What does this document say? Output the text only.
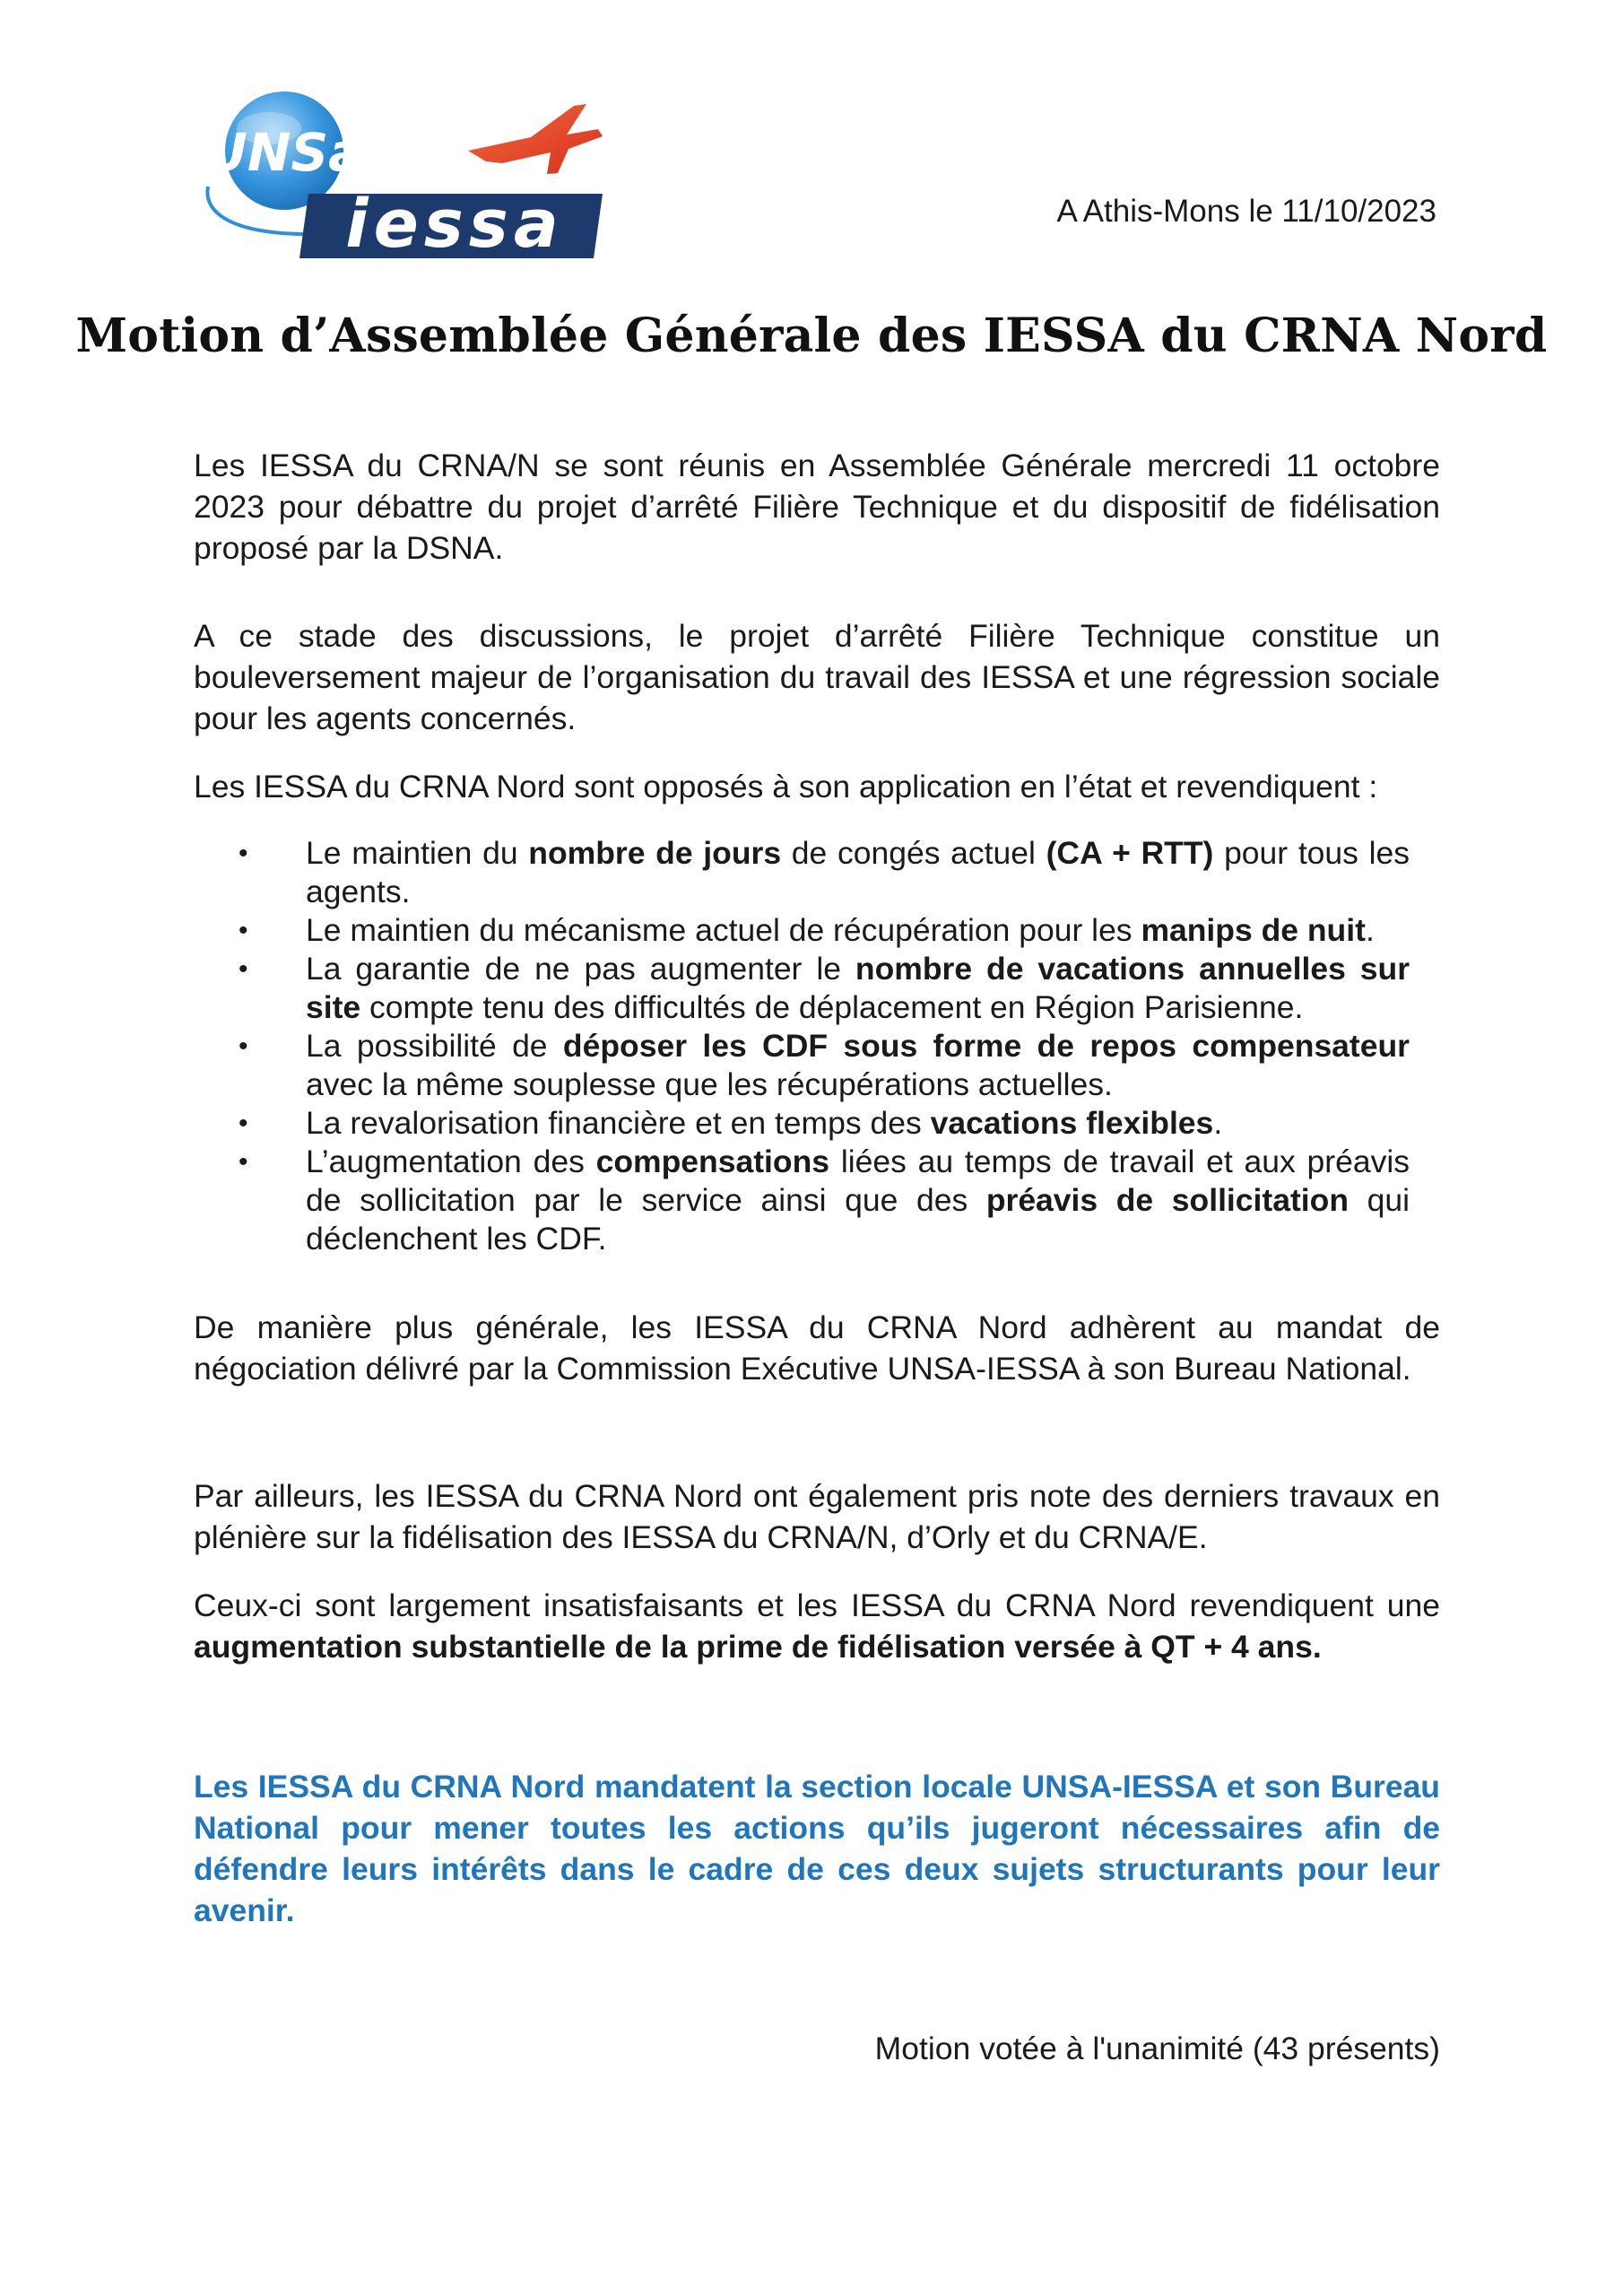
UNSa
iessa	A Athis-Mons le 11/10/2023
Motion d’Assemblée Générale des IESSA du CRNA Nord

Les IESSA du CRNA/N se sont réunis en Assemblée Générale mercredi 11 octobre 2023 pour débattre du projet d’arrêté Filière Technique et du dispositif de fidélisation proposé par la DSNA.

A ce stade des discussions, le projet d’arrêté Filière Technique constitue un bouleversement majeur de l’organisation du travail des IESSA et une régression sociale pour les agents concernés.

Les IESSA du CRNA Nord sont opposés à son application en l’état et revendiquent :

• Le maintien du nombre de jours de congés actuel (CA + RTT) pour tous les agents.
• Le maintien du mécanisme actuel de récupération pour les manips de nuit.
• La garantie de ne pas augmenter le nombre de vacations annuelles sur site compte tenu des difficultés de déplacement en Région Parisienne.
• La possibilité de déposer les CDF sous forme de repos compensateur avec la même souplesse que les récupérations actuelles.
• La revalorisation financière et en temps des vacations flexibles.
• L’augmentation des compensations liées au temps de travail et aux préavis de sollicitation par le service ainsi que des préavis de sollicitation qui déclenchent les CDF.

De manière plus générale, les IESSA du CRNA Nord adhèrent au mandat de négociation délivré par la Commission Exécutive UNSA-IESSA à son Bureau National.

Par ailleurs, les IESSA du CRNA Nord ont également pris note des derniers travaux en plénière sur la fidélisation des IESSA du CRNA/N, d’Orly et du CRNA/E.

Ceux-ci sont largement insatisfaisants et les IESSA du CRNA Nord revendiquent une augmentation substantielle de la prime de fidélisation versée à QT + 4 ans.

Les IESSA du CRNA Nord mandatent la section locale UNSA-IESSA et son Bureau National pour mener toutes les actions qu’ils jugeront nécessaires afin de défendre leurs intérêts dans le cadre de ces deux sujets structurants pour leur avenir.

Motion votée à l'unanimité (43 présents)
